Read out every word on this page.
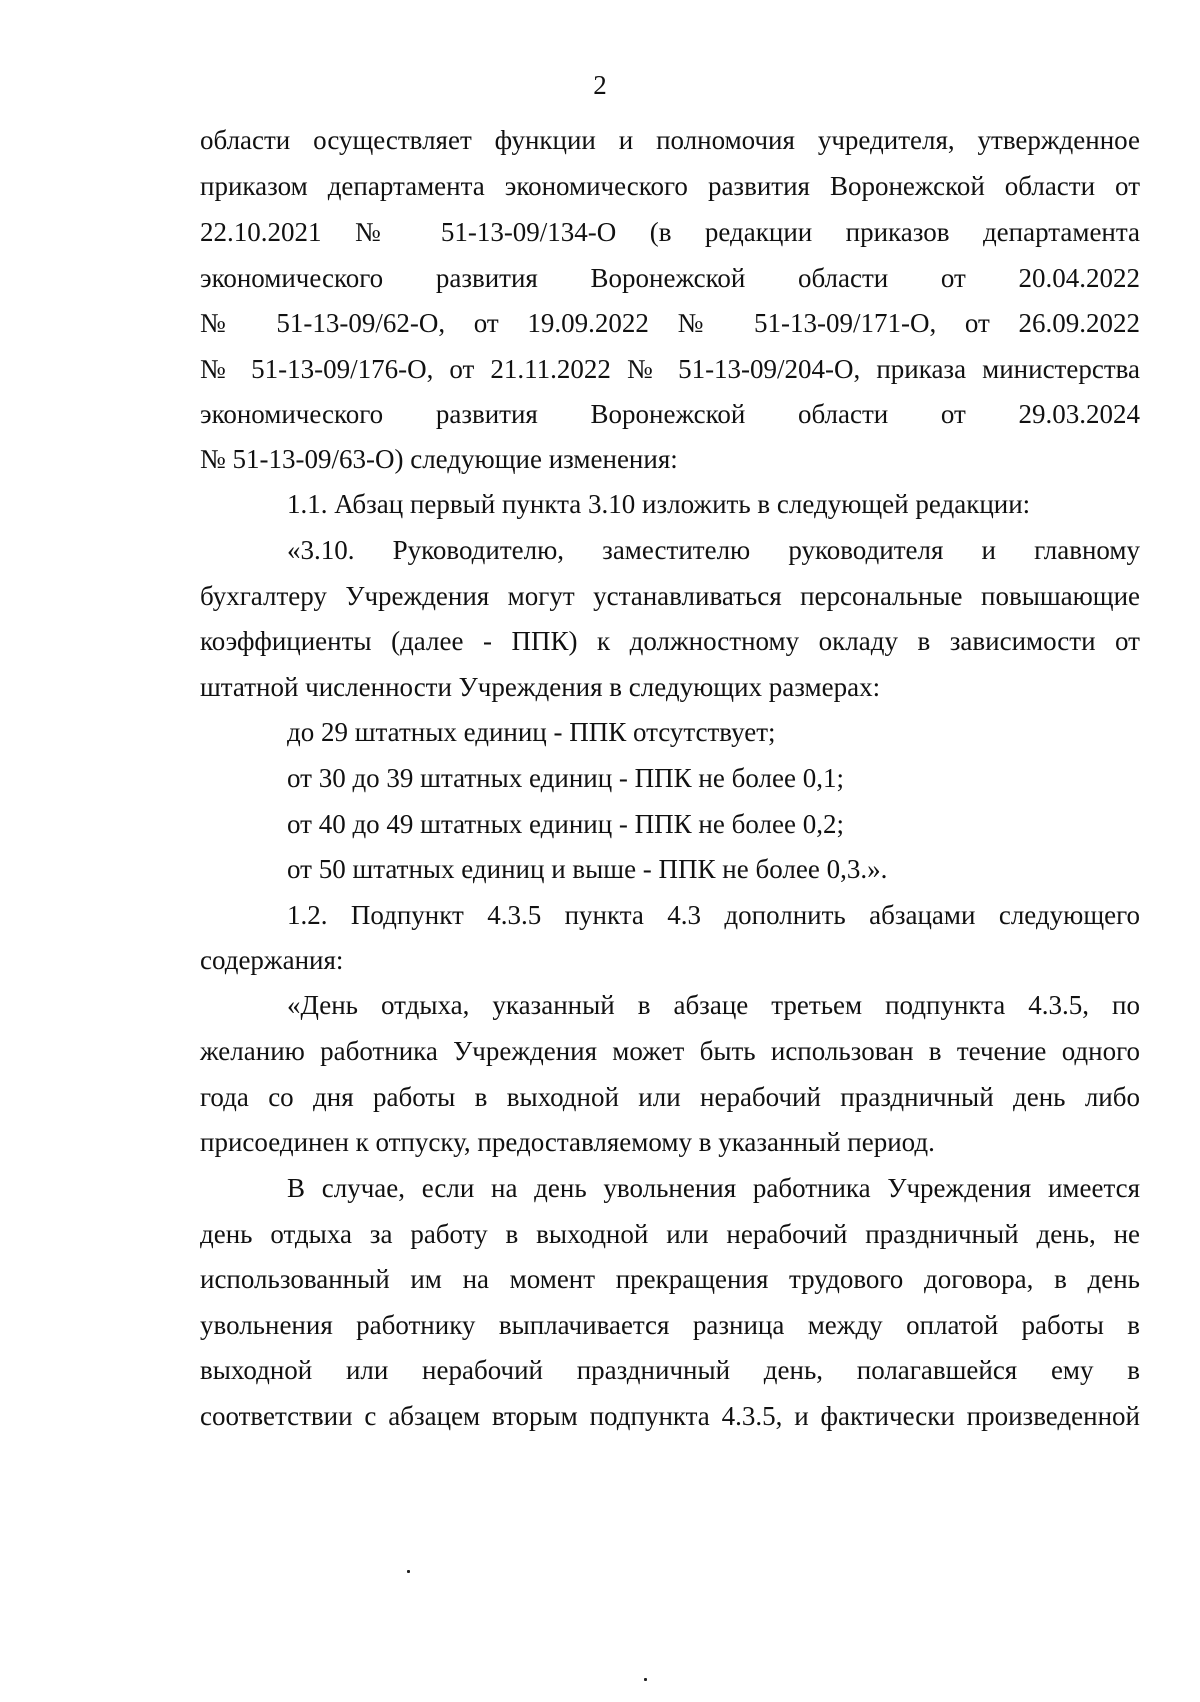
2
области осуществляет функции и полномочия учредителя, утвержденное
приказом департамента экономического развития Воронежской области от
22.10.2021 № 51-13-09/134-О (в редакции приказов департамента
экономического развития Воронежской области от 20.04.2022
№ 51-13-09/62-О, от 19.09.2022 № 51-13-09/171-О, от 26.09.2022
№ 51-13-09/176-О, от 21.11.2022 № 51-13-09/204-О, приказа министерства
экономического развития Воронежской области от 29.03.2024
№ 51-13-09/63-О) следующие изменения:
1.1. Абзац первый пункта 3.10 изложить в следующей редакции:
«3.10. Руководителю, заместителю руководителя и главному
бухгалтеру Учреждения могут устанавливаться персональные повышающие
коэффициенты (далее - ППК) к должностному окладу в зависимости от
штатной численности Учреждения в следующих размерах:
до 29 штатных единиц - ППК отсутствует;
от 30 до 39 штатных единиц - ППК не более 0,1;
от 40 до 49 штатных единиц - ППК не более 0,2;
от 50 штатных единиц и выше - ППК не более 0,3.».
1.2. Подпункт 4.3.5 пункта 4.3 дополнить абзацами следующего
содержания:
«День отдыха, указанный в абзаце третьем подпункта 4.3.5, по
желанию работника Учреждения может быть использован в течение одного
года со дня работы в выходной или нерабочий праздничный день либо
присоединен к отпуску, предоставляемому в указанный период.
В случае, если на день увольнения работника Учреждения имеется
день отдыха за работу в выходной или нерабочий праздничный день, не
использованный им на момент прекращения трудового договора, в день
увольнения работнику выплачивается разница между оплатой работы в
выходной или нерабочий праздничный день, полагавшейся ему в
соответствии с абзацем вторым подпункта 4.3.5, и фактически произведенной
